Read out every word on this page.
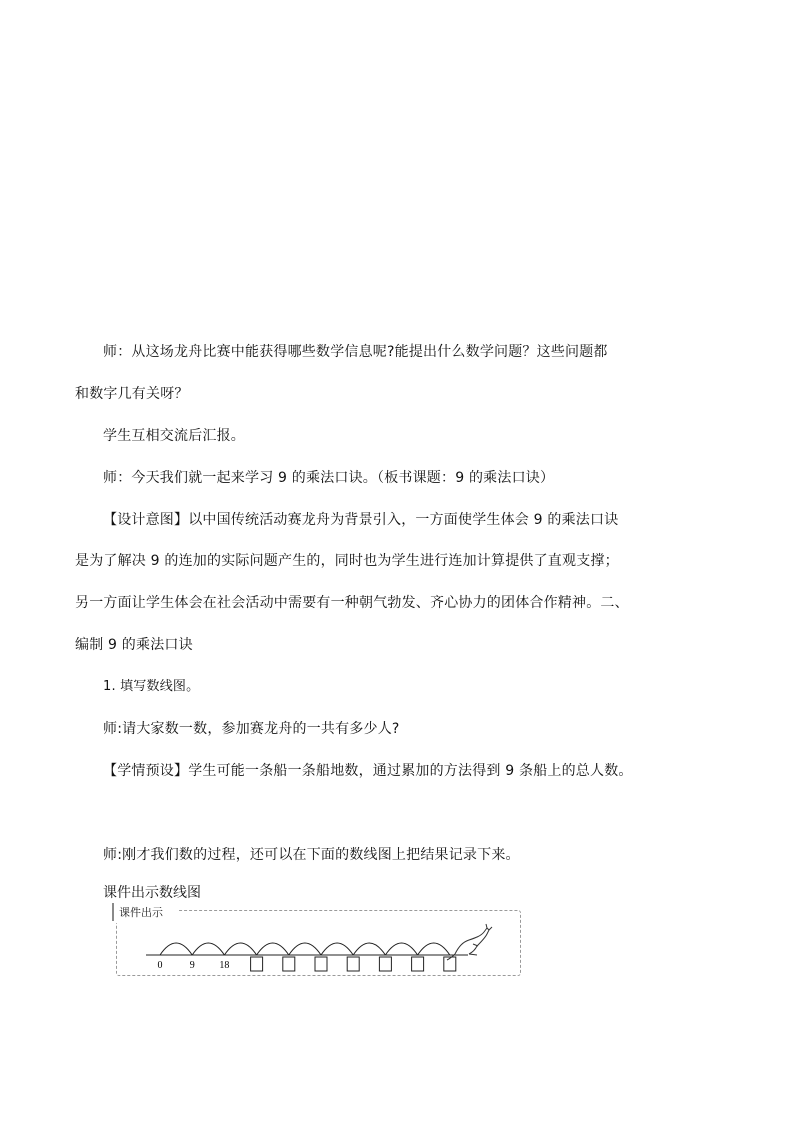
师：从这场龙舟比赛中能获得哪些数学信息呢?能提出什么数学问题？这些问题都
和数字几有关呀？
学生互相交流后汇报。
师：今天我们就一起来学习 9 的乘法口诀。（板书课题：9 的乘法口诀）
【设计意图】以中国传统活动赛龙舟为背景引入，一方面使学生体会 9 的乘法口诀
是为了解决 9 的连加的实际问题产生的，同时也为学生进行连加计算提供了直观支撑；
另一方面让学生体会在社会活动中需要有一种朝气勃发、齐心协力的团体合作精神。二、
编制 9 的乘法口诀
1. 填写数线图。
师:请大家数一数，参加赛龙舟的一共有多少人?
【学情预设】学生可能一条船一条船地数，通过累加的方法得到 9 条船上的总人数。
师:刚才我们数的过程，还可以在下面的数线图上把结果记录下来。
课件出示数线图
课件出示
0	9 18
